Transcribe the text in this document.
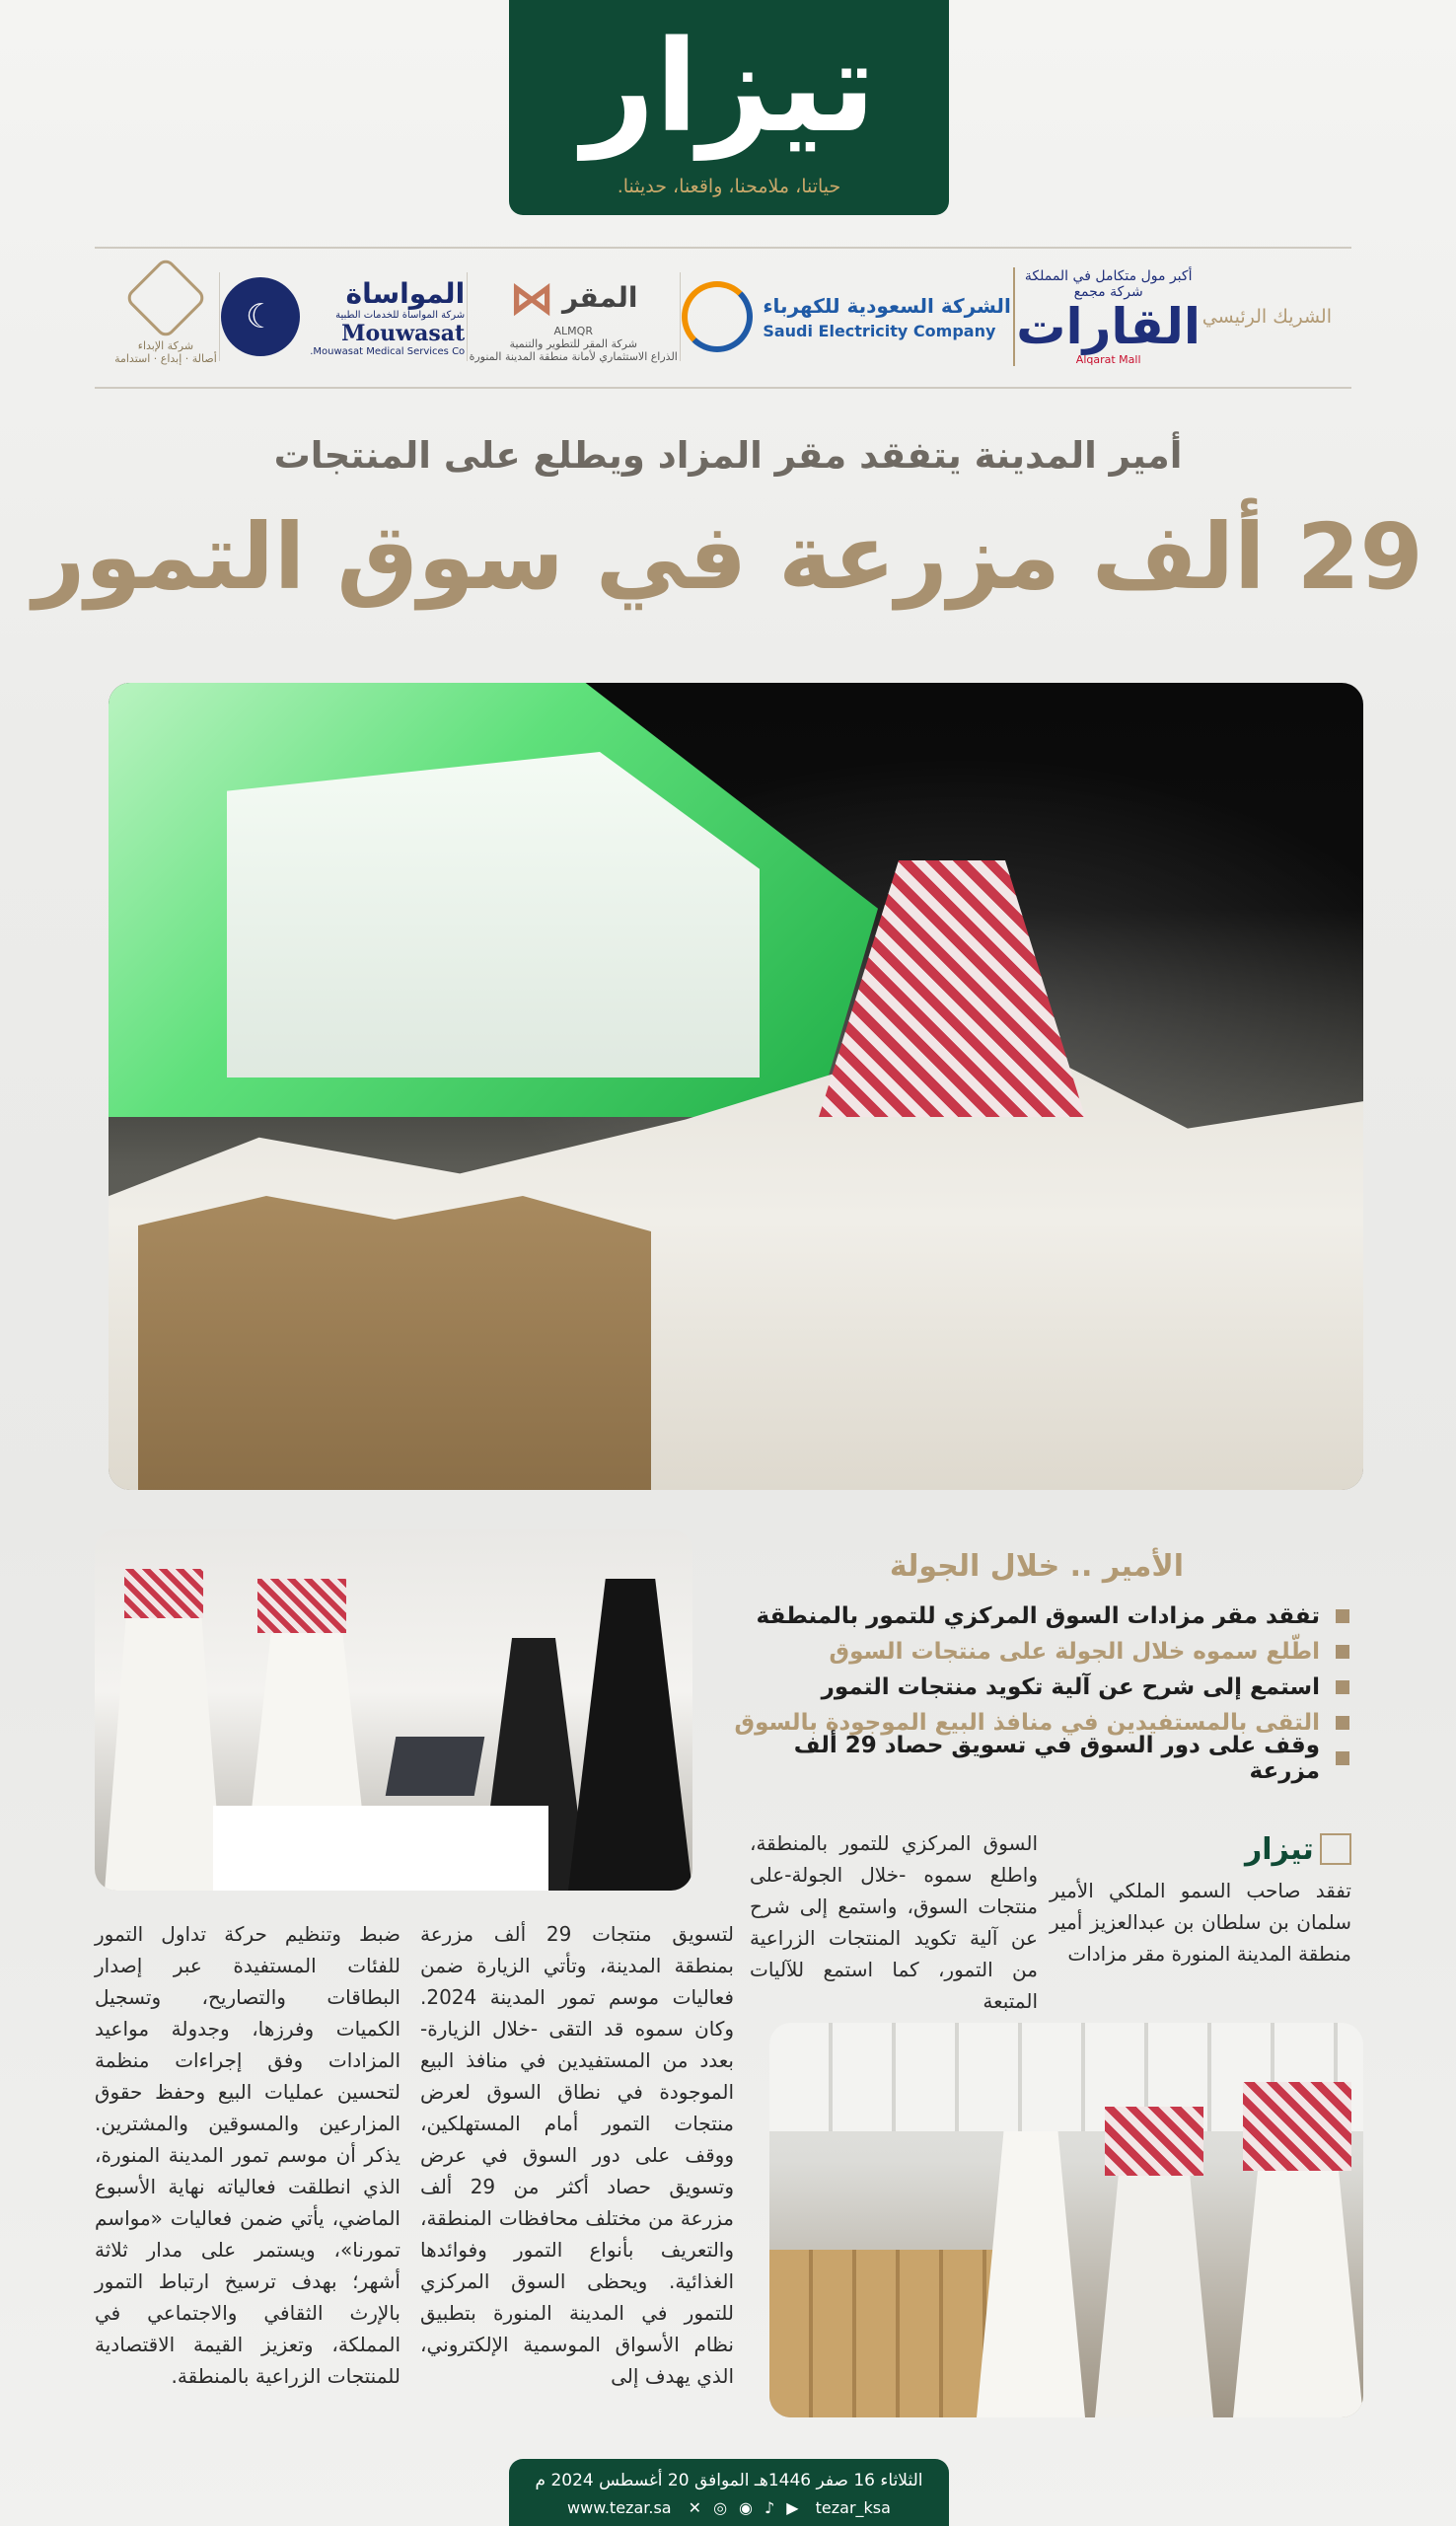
تيزار
حياتنا، ملامحنا، واقعنا، حديثنا.
الشريك الرئيسي
أكبر مول متكامل في المملكة
شركة مجمع
القارات
Alqarat Mall
الشركة السعودية للكهرباء
Saudi Electricity Company
المقر
⋈
ALMQR
شركة المقر للتطوير والتنمية
الذراع الاستثماري لأمانة منطقة المدينة المنورة
المواساة
شركة المواساة للخدمات الطبية
Mouwasat
Mouwasat Medical Services Co.
☾
شركة الإبداء
أصالة · إبداع · استدامة
أمير المدينة يتفقد مقر المزاد ويطلع على المنتجات
29 ألف مزرعة في سوق التمور
الأمير .. خلال الجولة
تفقد مقر مزادات السوق المركزي للتمور بالمنطقة
اطّلع سموه خلال الجولة على منتجات السوق
استمع إلى شرح عن آلية تكويد منتجات التمور
التقى بالمستفيدين في منافذ البيع الموجودة بالسوق
وقف على دور السوق في تسويق حصاد 29 ألف مزرعة
تيزار
تفقد صاحب السمو الملكي الأمير سلمان بن سلطان بن عبدالعزيز أمير منطقة المدينة المنورة مقر مزادات
السوق المركزي للتمور بالمنطقة، واطلع سموه -خلال الجولة-على منتجات السوق، واستمع إلى شرح عن آلية تكويد المنتجات الزراعية من التمور، كما استمع للآليات المتبعة
لتسويق منتجات 29 ألف مزرعة بمنطقة المدينة، وتأتي الزيارة ضمن فعاليات موسم تمور المدينة 2024. وكان سموه قد التقى -خلال الزيارة- بعدد من المستفيدين في منافذ البيع الموجودة في نطاق السوق لعرض منتجات التمور أمام المستهلكين، ووقف على دور السوق في عرض وتسويق حصاد أكثر من 29 ألف مزرعة من مختلف محافظات المنطقة، والتعريف بأنواع التمور وفوائدها الغذائية. ويحظى السوق المركزي للتمور في المدينة المنورة بتطبيق نظام الأسواق الموسمية الإلكتروني، الذي يهدف إلى
ضبط وتنظيم حركة تداول التمور للفئات المستفيدة عبر إصدار البطاقات والتصاريح، وتسجيل الكميات وفرزها، وجدولة مواعيد المزادات وفق إجراءات منظمة لتحسين عمليات البيع وحفظ حقوق المزارعين والمسوقين والمشترين. يذكر أن موسم تمور المدينة المنورة، الذي انطلقت فعالياته نهاية الأسبوع الماضي، يأتي ضمن فعاليات «مواسم تمورنا»، ويستمر على مدار ثلاثة أشهر؛ بهدف ترسيخ ارتباط التمور بالإرث الثقافي والاجتماعي في المملكة، وتعزيز القيمة الاقتصادية للمنتجات الزراعية بالمنطقة.
الثلاثاء 16 صفر 1446هـ الموافق 20 أغسطس 2024 م
www.tezar.sa ✕ ◎ ◉ ♪ ▶ tezar_ksa
